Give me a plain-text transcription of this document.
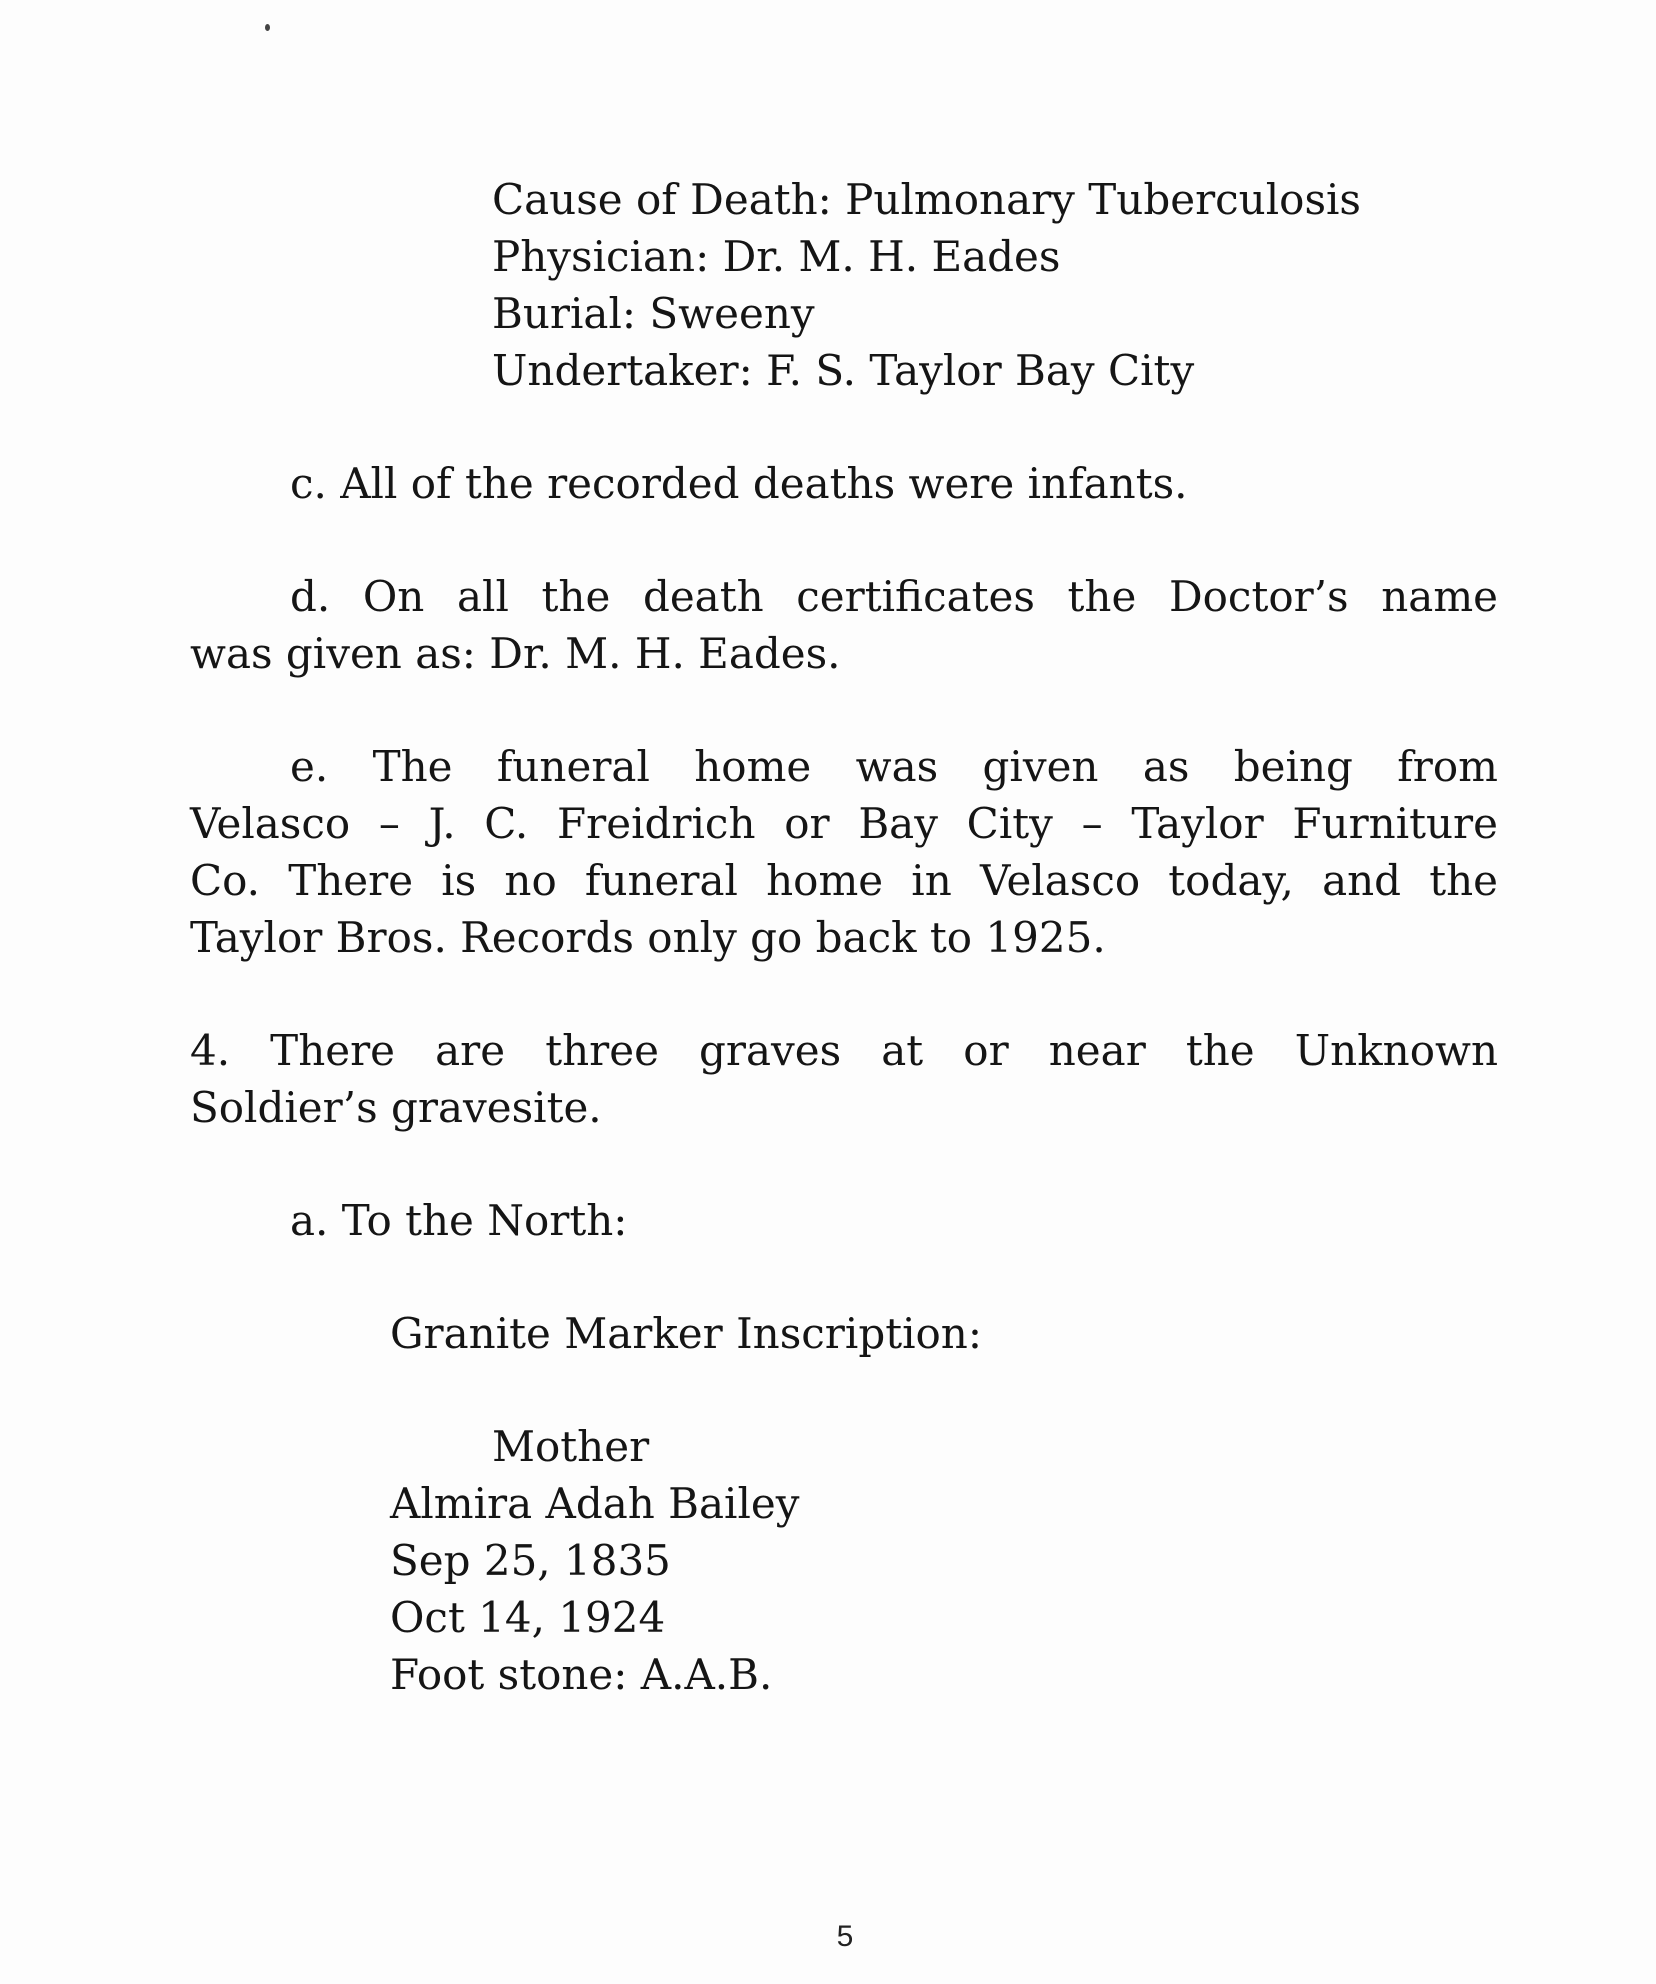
Cause of Death: Pulmonary Tuberculosis
Physician: Dr. M. H. Eades
Burial: Sweeny
Undertaker: F. S. Taylor Bay City
c. All of the recorded deaths were infants.
d. On all the death certificates the Doctor’s name
was given as: Dr. M. H. Eades.
e. The funeral home was given as being from
Velasco – J. C. Freidrich or Bay City – Taylor Furniture
Co. There is no funeral home in Velasco today, and the
Taylor Bros. Records only go back to 1925.
4. There are three graves at or near the Unknown
Soldier’s gravesite.
a. To the North:
Granite Marker Inscription:
Mother
Almira Adah Bailey
Sep 25, 1835
Oct 14, 1924
Foot stone: A.A.B.
5
